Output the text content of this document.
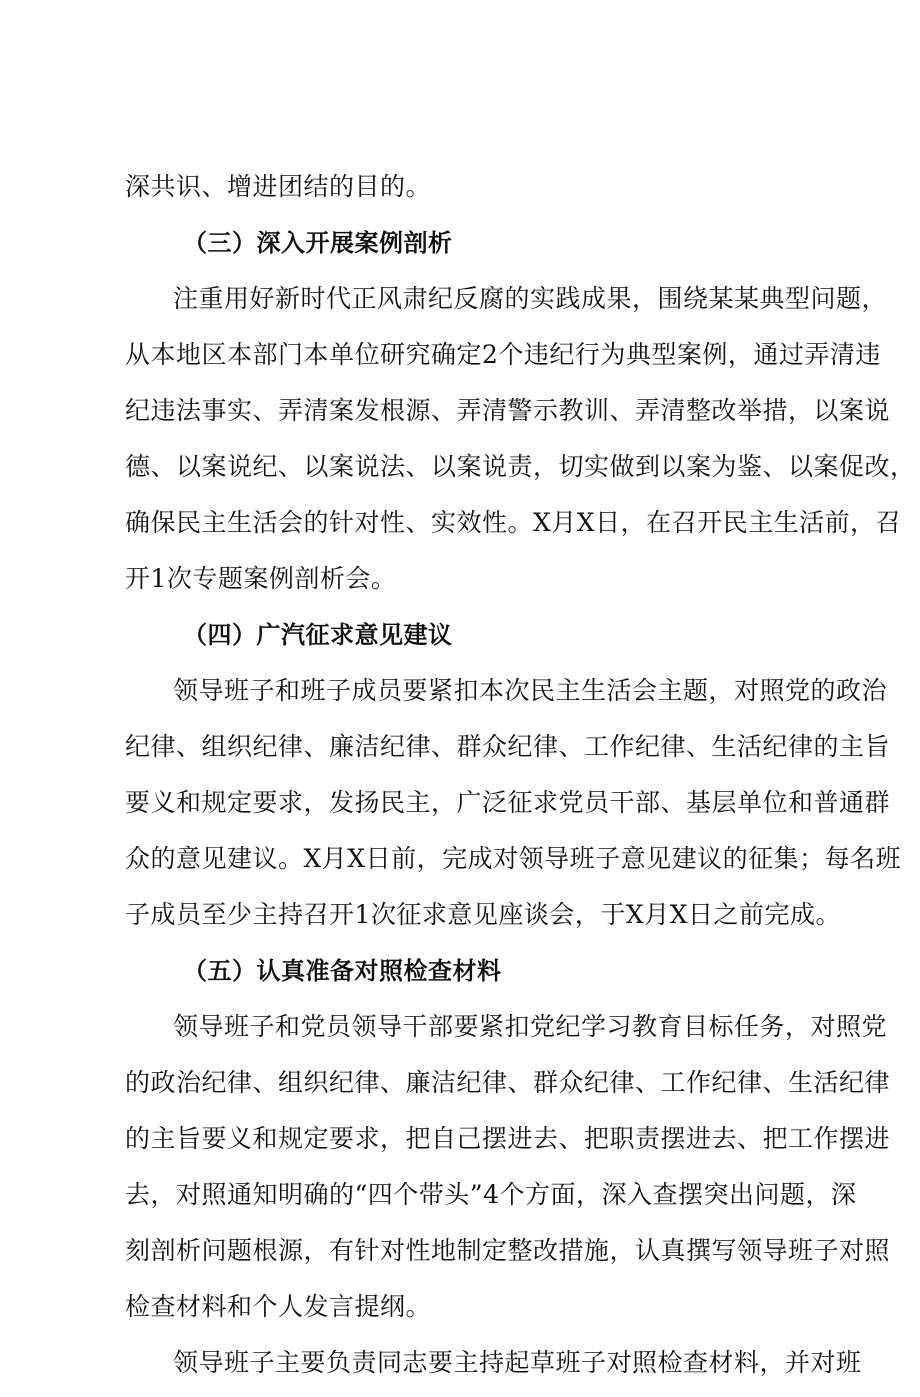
深共识、增进团结的目的。
（三）深入开展案例剖析
注重用好新时代正风肃纪反腐的实践成果，围绕某某典型问题，
从本地区本部门本单位研究确定2个违纪行为典型案例，通过弄清违
纪违法事实、弄清案发根源、弄清警示教训、弄清整改举措，以案说
德、以案说纪、以案说法、以案说责，切实做到以案为鉴、以案促改，
确保民主生活会的针对性、实效性。X月X日，在召开民主生活前，召
开1次专题案例剖析会。
（四）广汽征求意见建议
领导班子和班子成员要紧扣本次民主生活会主题，对照党的政治
纪律、组织纪律、廉洁纪律、群众纪律、工作纪律、生活纪律的主旨
要义和规定要求，发扬民主，广泛征求党员干部、基层单位和普通群
众的意见建议。X月X日前，完成对领导班子意见建议的征集；每名班
子成员至少主持召开1次征求意见座谈会，于X月X日之前完成。
（五）认真准备对照检查材料
领导班子和党员领导干部要紧扣党纪学习教育目标任务，对照党
的政治纪律、组织纪律、廉洁纪律、群众纪律、工作纪律、生活纪律
的主旨要义和规定要求，把自己摆进去、把职责摆进去、把工作摆进
去，对照通知明确的“四个带头”4个方面，深入查摆突出问题，深
刻剖析问题根源，有针对性地制定整改措施，认真撰写领导班子对照
检查材料和个人发言提纲。
领导班子主要负责同志要主持起草班子对照检查材料，并对班
